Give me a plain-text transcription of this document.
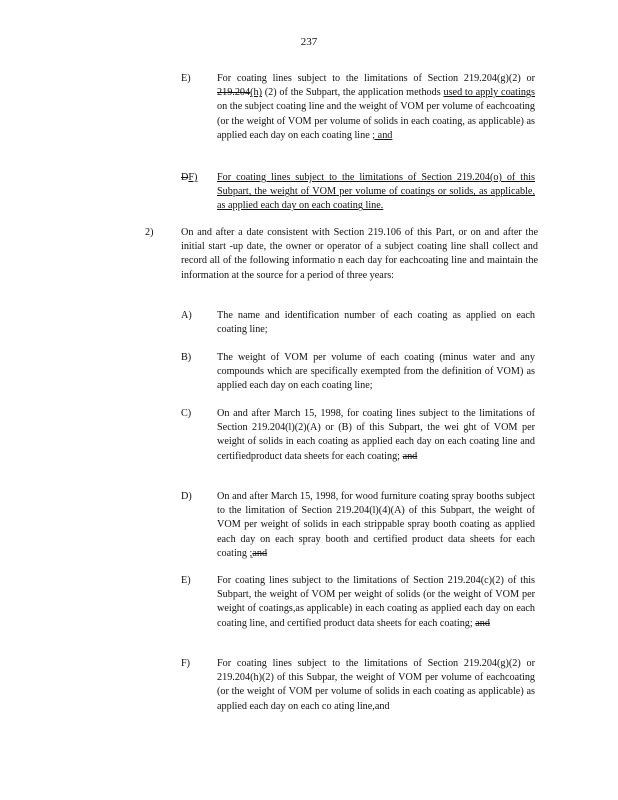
237
E)	For coating lines subject to the limitations of Section 219.204(g)(2) or 219.204(h) (2) of the Subpart, the application methods used to apply coatings on the subject coating line and the weight of VOM per volume of eachcoating (or the weight of VOM per volume of solids in each coating, as applicable) as applied each day on each coating line ; and
DF)	For coating lines subject to the limitations of Section 219.204(o) of this Subpart, the weight of VOM per volume of coatings or solids, as applicable, as applied each day on each coating line.
2)	On and after a date consistent with Section 219.106 of this Part, or on and after the initial start -up date, the owner or operator of a subject coating line shall collect and record all of the following informatio n each day for eachcoating line and maintain the information at the source for a period of three years:
A)	The name and identification number of each coating as applied on each coating line;
B)	The weight of VOM per volume of each coating (minus water and any compounds which are specifically exempted from the definition of VOM) as applied each day on each coating line;
C)	On and after March 15, 1998, for coating lines subject to the limitations of Section 219.204(l)(2)(A) or (B) of this Subpart, the wei ght of VOM per weight of solids in each coating as applied each day on each coating line and certifiedproduct data sheets for each coating; and
D)	On and after March 15, 1998, for wood furniture coating spray booths subject to the limitation of Section 219.204(l)(4)(A) of this Subpart, the weight of VOM per weight of solids in each strippable spray booth coating as applied each day on each spray booth and certified product data sheets for each coating ;and
E)	For coating lines subject to the limitations of Section 219.204(c)(2) of this Subpart, the weight of VOM per weight of solids (or the weight of VOM per weight of coatings,as applicable) in each coating as applied each day on each coating line, and certified product data sheets for each coating; and
F)	For coating lines subject to the limitations of Section 219.204(g)(2) or 219.204(h)(2) of this Subpar, the weight of VOM per volume of eachcoating (or the weight of VOM per volume of solids in each coating as applicable) as applied each day on each co ating line,and
